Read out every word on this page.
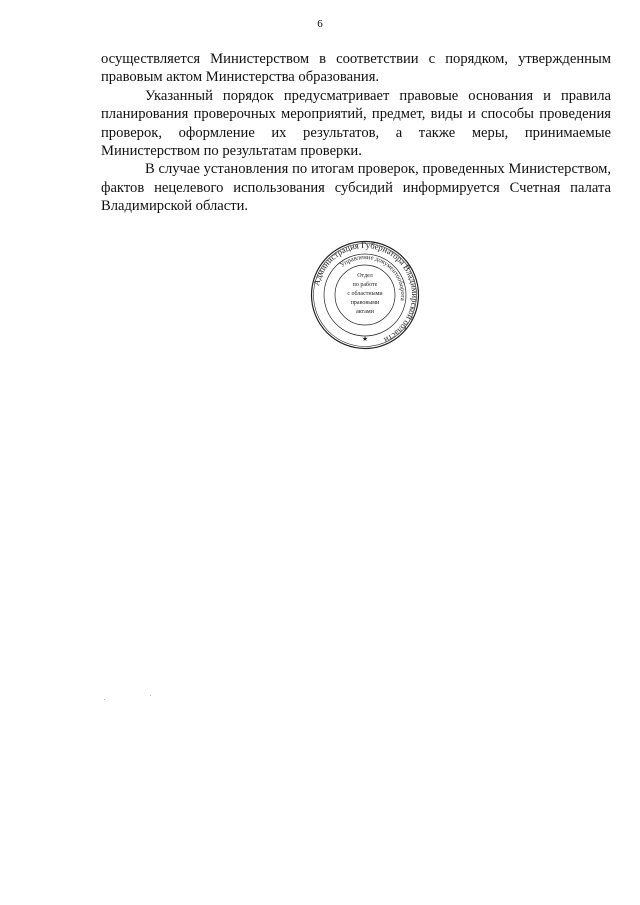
6

осуществляется Министерством в соответствии с порядком, утвержденным правовым актом Министерства образования.

Указанный порядок предусматривает правовые основания и правила планирования проверочных мероприятий, предмет, виды и способы проведения проверок, оформление их результатов, а также меры, принимаемые Министерством по результатам проверки.

В случае установления по итогам проверок, проведенных Министерством, фактов нецелевого использования субсидий информируется Счетная палата Владимирской области.

Администрация Губернатора Владимирской области
Управление документооборота
Отдел
по работе
с областными
правовыми
актами
★
